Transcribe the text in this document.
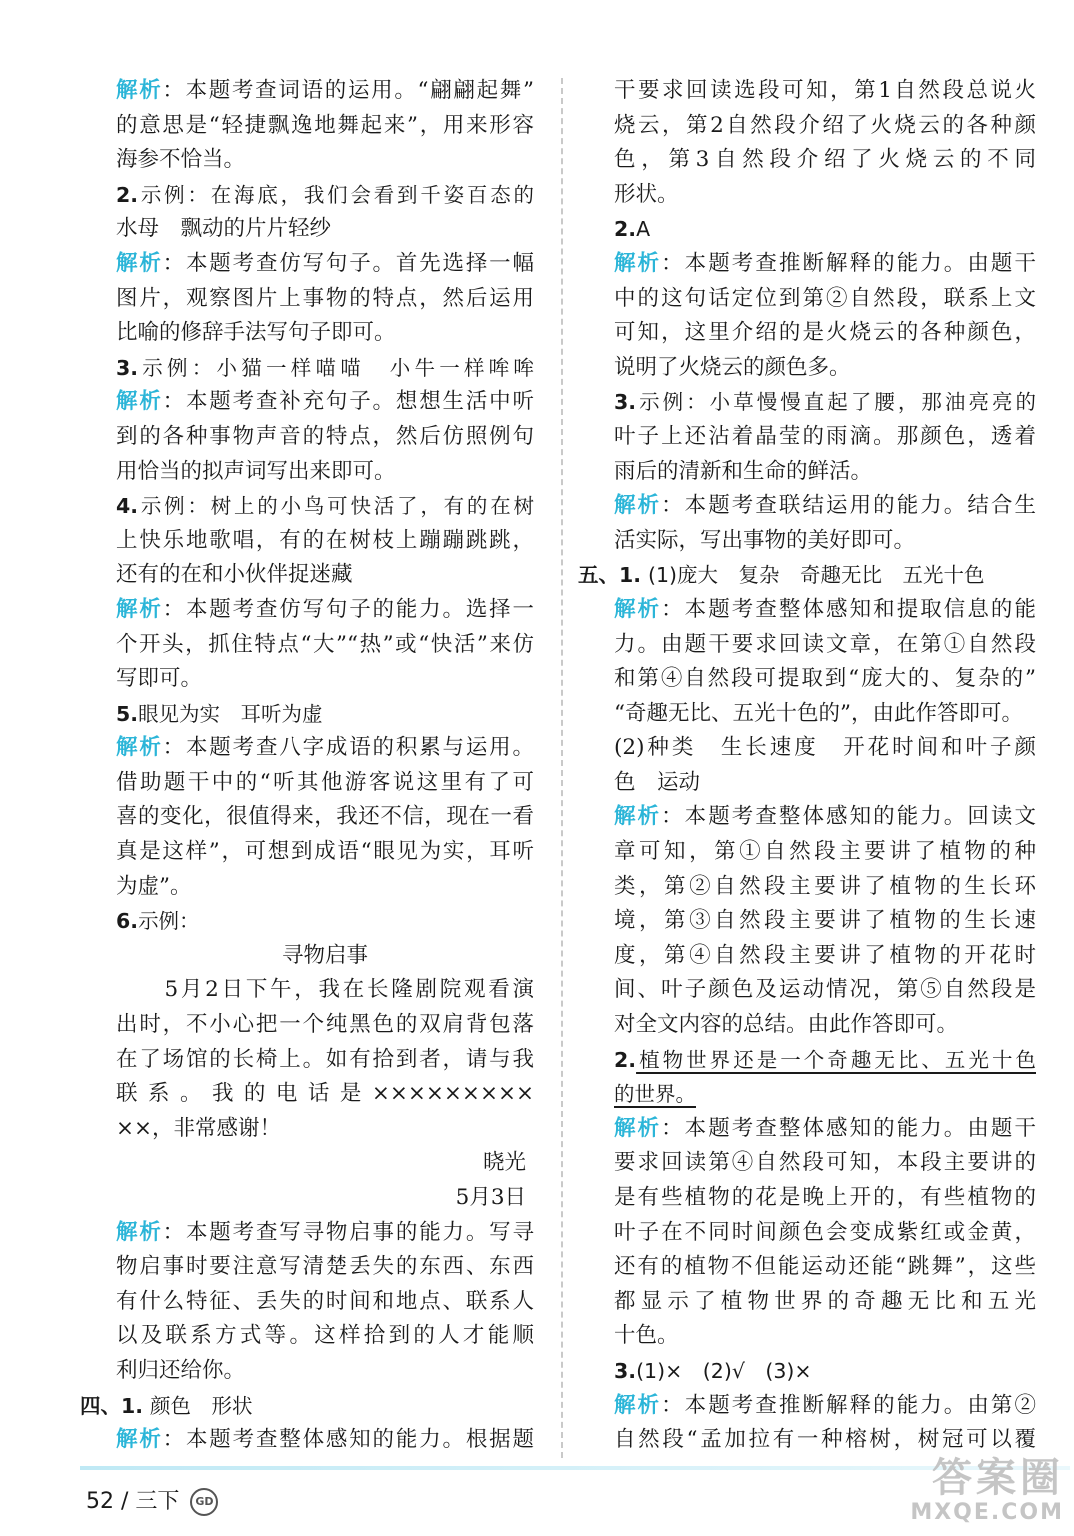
解析：本题考查词语的运用。“翩翩起舞”
的意思是“轻捷飘逸地舞起来”，用来形容
海参不恰当。
2.示例：在海底，我们会看到千姿百态的
水母　飘动的片片轻纱
解析：本题考查仿写句子。首先选择一幅
图片，观察图片上事物的特点，然后运用
比喻的修辞手法写句子即可。
3.示例：小猫一样喵喵　小牛一样哞哞
解析：本题考查补充句子。想想生活中听
到的各种事物声音的特点，然后仿照例句
用恰当的拟声词写出来即可。
4.示例：树上的小鸟可快活了，有的在树
上快乐地歌唱，有的在树枝上蹦蹦跳跳，
还有的在和小伙伴捉迷藏
解析：本题考查仿写句子的能力。选择一
个开头，抓住特点“大”“热”或“快活”来仿
写即可。
5.眼见为实　耳听为虚
解析：本题考查八字成语的积累与运用。
借助题干中的“听其他游客说这里有了可
喜的变化，很值得来，我还不信，现在一看
真是这样”，可想到成语“眼见为实，耳听
为虚”。
6.示例：
寻物启事
　　5月2日下午，我在长隆剧院观看演
出时，不小心把一个纯黑色的双肩背包落
在了场馆的长椅上。如有拾到者，请与我
联系。我的电话是×××××××××
××，非常感谢！
晓光　
5月3日
解析：本题考查写寻物启事的能力。写寻
物启事时要注意写清楚丢失的东西、东西
有什么特征、丢失的时间和地点、联系人
以及联系方式等。这样拾到的人才能顺
利归还给你。
四、1. 颜色　形状
解析：本题考查整体感知的能力。根据题
干要求回读选段可知，第1自然段总说火
烧云，第2自然段介绍了火烧云的各种颜
色，第3自然段介绍了火烧云的不同
形状。
2.A
解析：本题考查推断解释的能力。由题干
中的这句话定位到第②自然段，联系上文
可知，这里介绍的是火烧云的各种颜色，
说明了火烧云的颜色多。
3.示例：小草慢慢直起了腰，那油亮亮的
叶子上还沾着晶莹的雨滴。那颜色，透着
雨后的清新和生命的鲜活。
解析：本题考查联结运用的能力。结合生
活实际，写出事物的美好即可。
五、1. (1)庞大　复杂　奇趣无比　五光十色
解析：本题考查整体感知和提取信息的能
力。由题干要求回读文章，在第①自然段
和第④自然段可提取到“庞大的、复杂的”
“奇趣无比、五光十色的”，由此作答即可。
(2)种类　生长速度　开花时间和叶子颜
色　运动
解析：本题考查整体感知的能力。回读文
章可知，第①自然段主要讲了植物的种
类，第②自然段主要讲了植物的生长环
境，第③自然段主要讲了植物的生长速
度，第④自然段主要讲了植物的开花时
间、叶子颜色及运动情况，第⑤自然段是
对全文内容的总结。由此作答即可。
2.植物世界还是一个奇趣无比、五光十色
的世界。
解析：本题考查整体感知的能力。由题干
要求回读第④自然段可知，本段主要讲的
是有些植物的花是晚上开的，有些植物的
叶子在不同时间颜色会变成紫红或金黄，
还有的植物不但能运动还能“跳舞”，这些
都显示了植物世界的奇趣无比和五光
十色。
3.(1)×　(2)√　(3)×
解析：本题考查推断解释的能力。由第②
自然段“孟加拉有一种榕树，树冠可以覆
52 / 三下 GD
答案圈
MXQE.COM
